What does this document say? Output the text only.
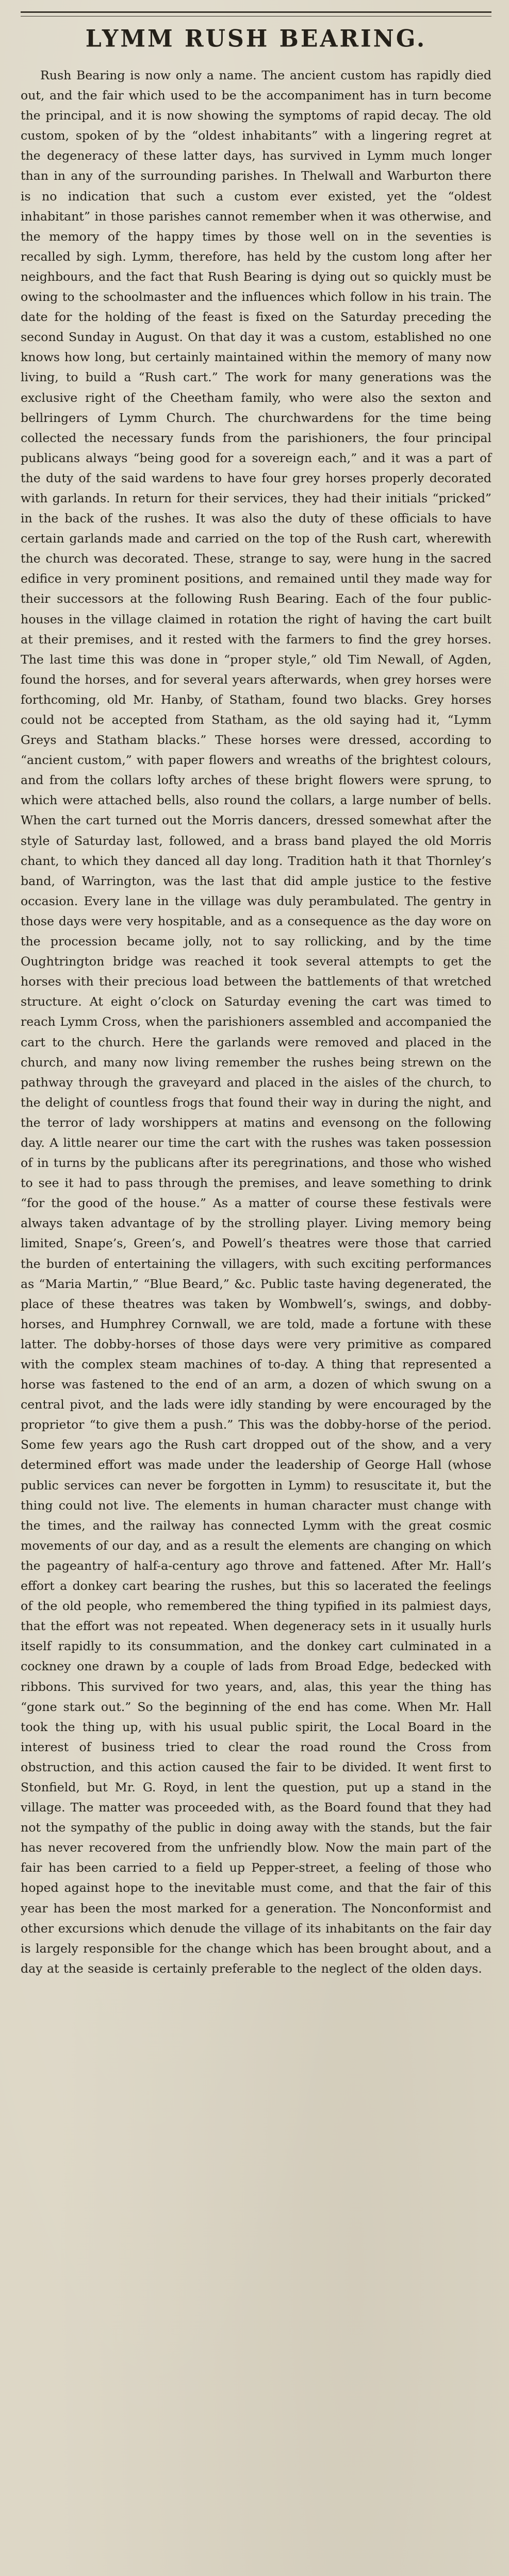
LYMM RUSH BEARING.

Rush Bearing is now only a name. The ancient custom has rapidly died out, and the fair which used to be the accompaniment has in turn become the principal, and it is now showing the symptoms of rapid decay. The old custom, spoken of by the “oldest inhabitants” with a lingering regret at the degeneracy of these latter days, has survived in Lymm much longer than in any of the surrounding parishes. In Thelwall and Warburton there is no indication that such a custom ever existed, yet the “oldest inhabitant” in those parishes cannot remember when it was otherwise, and the memory of the happy times by those well on in the seventies is recalled by sigh. Lymm, therefore, has held by the custom long after her neighbours, and the fact that Rush Bearing is dying out so quickly must be owing to the schoolmaster and the influences which follow in his train. The date for the holding of the feast is fixed on the Saturday preceding the second Sunday in August. On that day it was a custom, established no one knows how long, but certainly maintained within the memory of many now living, to build a “Rush cart.” The work for many generations was the exclusive right of the Cheetham family, who were also the sexton and bellringers of Lymm Church. The churchwardens for the time being collected the necessary funds from the parishioners, the four principal publicans always “being good for a sovereign each,” and it was a part of the duty of the said wardens to have four grey horses properly decorated with garlands. In return for their services, they had their initials “pricked” in the back of the rushes. It was also the duty of these officials to have certain garlands made and carried on the top of the Rush cart, wherewith the church was decorated. These, strange to say, were hung in the sacred edifice in very prominent positions, and remained until they made way for their successors at the following Rush Bearing. Each of the four public-houses in the village claimed in rotation the right of having the cart built at their premises, and it rested with the farmers to find the grey horses. The last time this was done in “proper style,” old Tim Newall, of Agden, found the horses, and for several years afterwards, when grey horses were forthcoming, old Mr. Hanby, of Statham, found two blacks. Grey horses could not be accepted from Statham, as the old saying had it, “Lymm Greys and Statham blacks.” These horses were dressed, according to “ancient custom,” with paper flowers and wreaths of the brightest colours, and from the collars lofty arches of these bright flowers were sprung, to which were attached bells, also round the collars, a large number of bells. When the cart turned out the Morris dancers, dressed somewhat after the style of Saturday last, followed, and a brass band played the old Morris chant, to which they danced all day long. Tradition hath it that Thornley’s band, of Warrington, was the last that did ample justice to the festive occasion. Every lane in the village was duly perambulated. The gentry in those days were very hospitable, and as a consequence as the day wore on the procession became jolly, not to say rollicking, and by the time Oughtrington bridge was reached it took several attempts to get the horses with their precious load between the battlements of that wretched structure. At eight o’clock on Saturday evening the cart was timed to reach Lymm Cross, when the parishioners assembled and accompanied the cart to the church. Here the garlands were removed and placed in the church, and many now living remember the rushes being strewn on the pathway through the graveyard and placed in the aisles of the church, to the delight of countless frogs that found their way in during the night, and the terror of lady worshippers at matins and evensong on the following day. A little nearer our time the cart with the rushes was taken possession of in turns by the publicans after its peregrinations, and those who wished to see it had to pass through the premises, and leave something to drink “for the good of the house.” As a matter of course these festivals were always taken advantage of by the strolling player. Living memory being limited, Snape’s, Green’s, and Powell’s theatres were those that carried the burden of entertaining the villagers, with such exciting performances as “Maria Martin,” “Blue Beard,” &c. Public taste having degenerated, the place of these theatres was taken by Wombwell’s, swings, and dobby-horses, and Humphrey Cornwall, we are told, made a fortune with these latter. The dobby-horses of those days were very primitive as compared with the complex steam machines of to-day. A thing that represented a horse was fastened to the end of an arm, a dozen of which swung on a central pivot, and the lads were idly standing by were encouraged by the proprietor “to give them a push.” This was the dobby-horse of the period. Some few years ago the Rush cart dropped out of the show, and a very determined effort was made under the leadership of George Hall (whose public services can never be forgotten in Lymm) to resuscitate it, but the thing could not live. The elements in human character must change with the times, and the railway has connected Lymm with the great cosmic movements of our day, and as a result the elements are changing on which the pageantry of half-a-century ago throve and fattened. After Mr. Hall’s effort a donkey cart bearing the rushes, but this so lacerated the feelings of the old people, who remembered the thing typified in its palmiest days, that the effort was not repeated. When degeneracy sets in it usually hurls itself rapidly to its consummation, and the donkey cart culminated in a cockney one drawn by a couple of lads from Broad Edge, bedecked with ribbons. This survived for two years, and, alas, this year the thing has “gone stark out.” So the beginning of the end has come. When Mr. Hall took the thing up, with his usual public spirit, the Local Board in the interest of business tried to clear the road round the Cross from obstruction, and this action caused the fair to be divided. It went first to Stonfield, but Mr. G. Royd, in lent the question, put up a stand in the village. The matter was proceeded with, as the Board found that they had not the sympathy of the public in doing away with the stands, but the fair has never recovered from the unfriendly blow. Now the main part of the fair has been carried to a field up Pepper-street, a feeling of those who hoped against hope to the inevitable must come, and that the fair of this year has been the most marked for a generation. The Nonconformist and other excursions which denude the village of its inhabitants on the fair day is largely responsible for the change which has been brought about, and a day at the seaside is certainly preferable to the neglect of the olden days.
